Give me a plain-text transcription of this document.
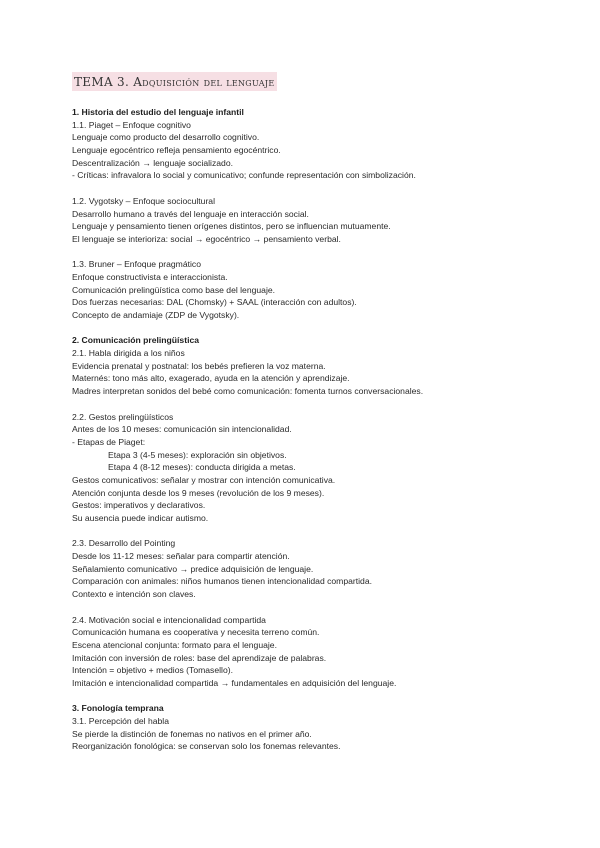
TEMA 3. Adquisición del lenguaje
1. Historia del estudio del lenguaje infantil
1.1. Piaget – Enfoque cognitivo
Lenguaje como producto del desarrollo cognitivo.
Lenguaje egocéntrico refleja pensamiento egocéntrico.
Descentralización → lenguaje socializado.
- Críticas: infravalora lo social y comunicativo; confunde representación con simbolización.
1.2. Vygotsky – Enfoque sociocultural
Desarrollo humano a través del lenguaje en interacción social.
Lenguaje y pensamiento tienen orígenes distintos, pero se influencian mutuamente.
El lenguaje se interioriza: social → egocéntrico → pensamiento verbal.
1.3. Bruner – Enfoque pragmático
Enfoque constructivista e interaccionista.
Comunicación prelingüística como base del lenguaje.
Dos fuerzas necesarias: DAL (Chomsky) + SAAL (interacción con adultos).
Concepto de andamiaje (ZDP de Vygotsky).
2. Comunicación prelingüística
2.1. Habla dirigida a los niños
Evidencia prenatal y postnatal: los bebés prefieren la voz materna.
Maternés: tono más alto, exagerado, ayuda en la atención y aprendizaje.
Madres interpretan sonidos del bebé como comunicación: fomenta turnos conversacionales.
2.2. Gestos prelingüísticos
Antes de los 10 meses: comunicación sin intencionalidad.
- Etapas de Piaget:
Etapa 3 (4-5 meses): exploración sin objetivos.
Etapa 4 (8-12 meses): conducta dirigida a metas.
Gestos comunicativos: señalar y mostrar con intención comunicativa.
Atención conjunta desde los 9 meses (revolución de los 9 meses).
Gestos: imperativos y declarativos.
Su ausencia puede indicar autismo.
2.3. Desarrollo del Pointing
Desde los 11-12 meses: señalar para compartir atención.
Señalamiento comunicativo → predice adquisición de lenguaje.
Comparación con animales: niños humanos tienen intencionalidad compartida.
Contexto e intención son claves.
2.4. Motivación social e intencionalidad compartida
Comunicación humana es cooperativa y necesita terreno común.
Escena atencional conjunta: formato para el lenguaje.
Imitación con inversión de roles: base del aprendizaje de palabras.
Intención = objetivo + medios (Tomasello).
Imitación e intencionalidad compartida → fundamentales en adquisición del lenguaje.
3. Fonología temprana
3.1. Percepción del habla
Se pierde la distinción de fonemas no nativos en el primer año.
Reorganización fonológica: se conservan solo los fonemas relevantes.
